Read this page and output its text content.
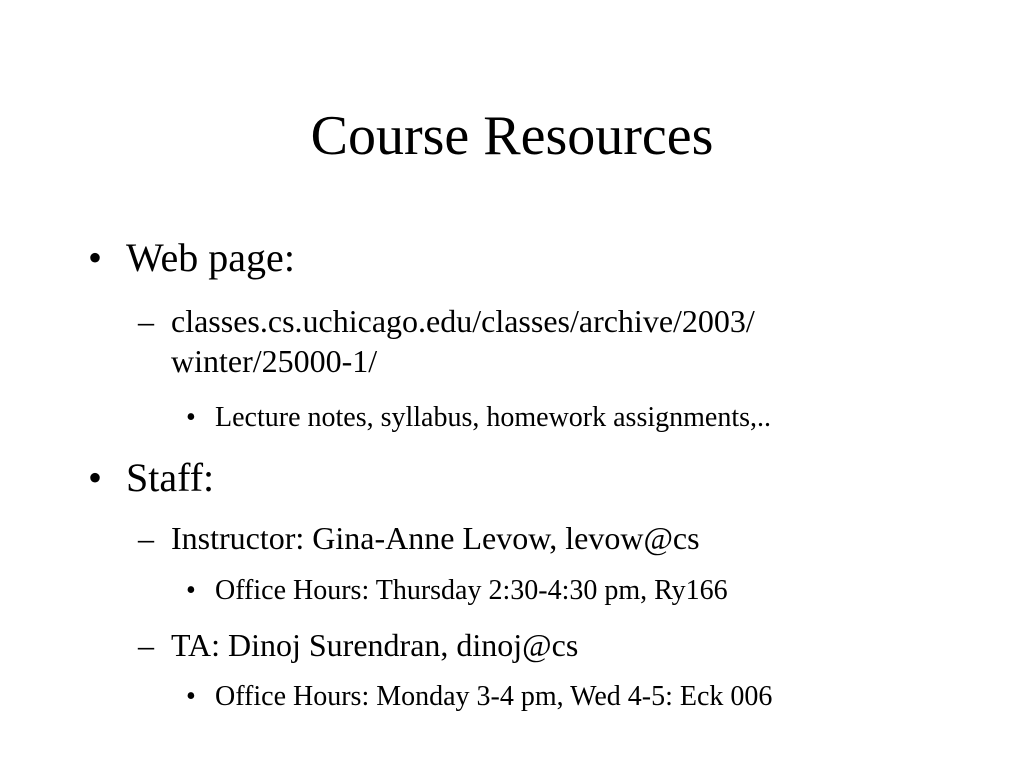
Course Resources
• Web page:
– classes.cs.uchicago.edu/classes/archive/2003/ winter/25000-1/
• Lecture notes, syllabus, homework assignments,..
• Staff:
– Instructor: Gina-Anne Levow, levow@cs
• Office Hours: Thursday 2:30-4:30 pm, Ry166
– TA: Dinoj Surendran, dinoj@cs
• Office Hours: Monday 3-4 pm, Wed 4-5: Eck 006
